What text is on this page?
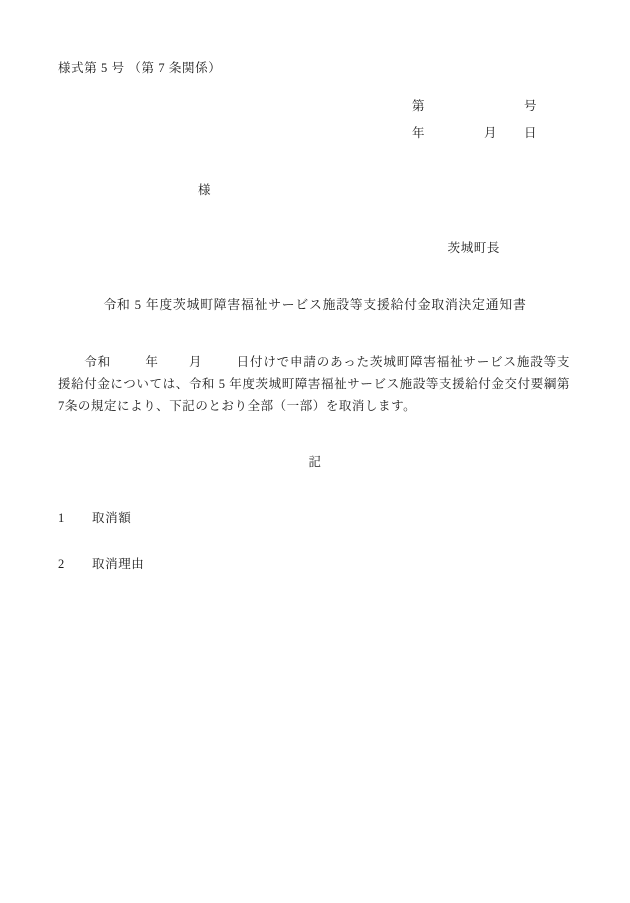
様式第 5 号 （第 7 条関係）
第	号
年	月	日
様
茨城町長
令和 5 年度茨城町障害福祉サービス施設等支援給付金取消決定通知書
令和	年 月	日付けで申請のあった茨城町障害福祉サービス施設等支援給付金については、令和 5 年度茨城町障害福祉サービス施設等支援給付金交付要綱第 7条の規定により、下記のとおり全部（一部）を取消します。
記
1	取消額
2	取消理由
